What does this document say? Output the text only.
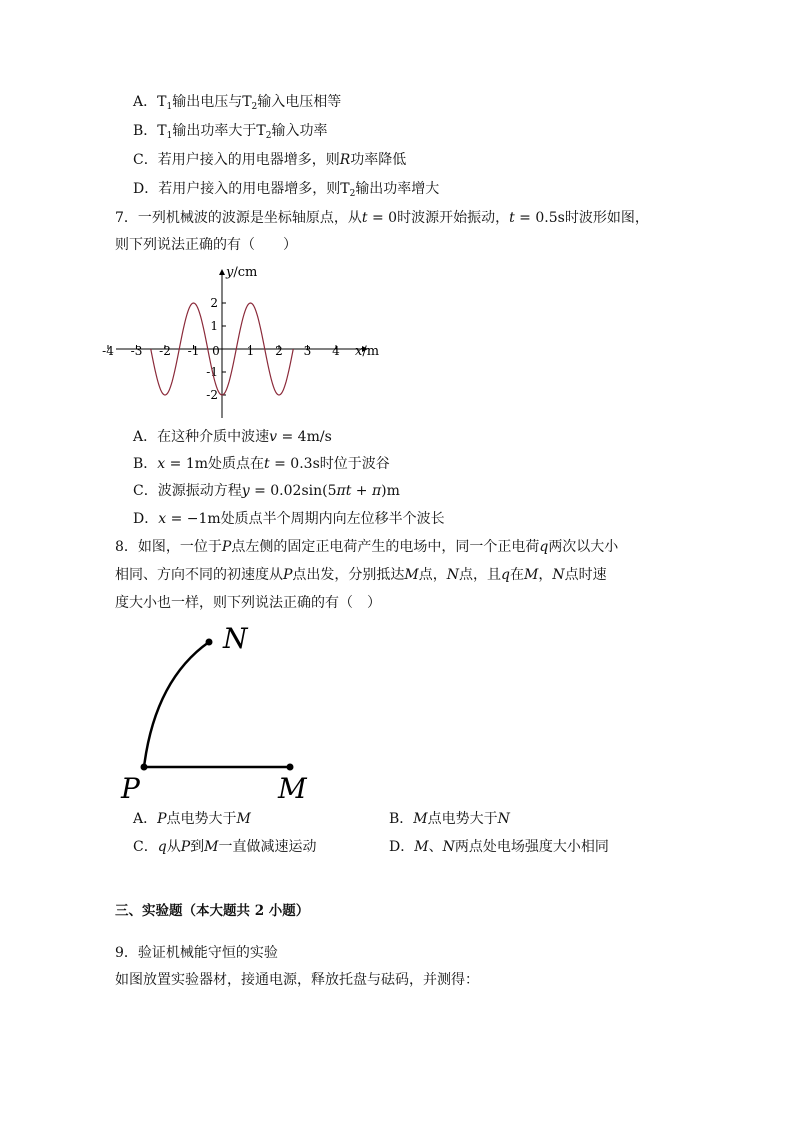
A．$T_1$输出电压与$T_2$输入电压相等
B．$T_1$输出功率大于$T_2$输入功率
C．若用户接入的用电器增多，则R功率降低
D．若用户接入的用电器增多，则$T_2$输出功率增大
7．一列机械波的波源是坐标轴原点，从t = 0时波源开始振动，t = 0.5s时波形如图，
则下列说法正确的有（　　）
-4 -3 -2 -1 0 1 2 3 4
2
1
-1
-2
y/cm
x/m
A．在这种介质中波速v = 4m/s
B．x = 1m处质点在t = 0.3s时位于波谷
C．波源振动方程y = 0.02sin(5πt + π)m
D．x = −1m处质点半个周期内向左位移半个波长
8．如图，一位于P点左侧的固定正电荷产生的电场中，同一个正电荷q两次以大小
相同、方向不同的初速度从P点出发，分别抵达M点，N点，且q在M，N点时速
度大小也一样，则下列说法正确的有（　）
P	M
N
A．P点电势大于M	B．M点电势大于N
C．q从P到M一直做减速运动	D．M、N两点处电场强度大小相同
三、实验题（本大题共 2 小题）
9．验证机械能守恒的实验
如图放置实验器材，接通电源，释放托盘与砝码，并测得：
